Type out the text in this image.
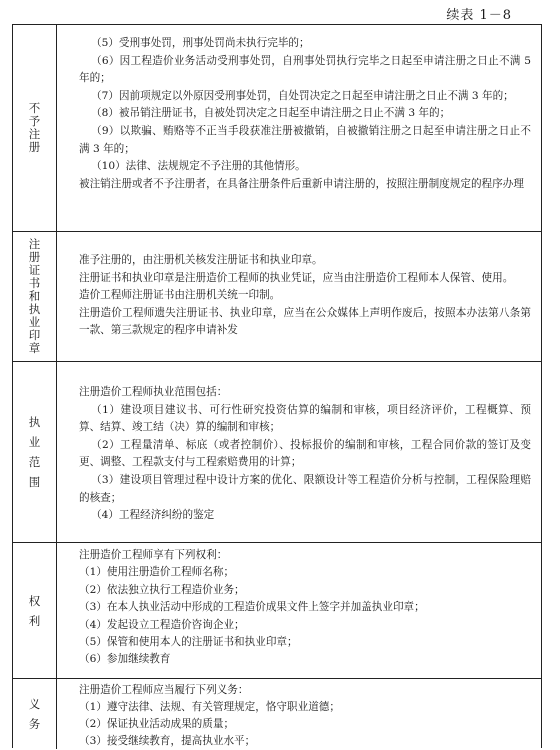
续表 1－8
不予注册

（5）受刑事处罚，刑事处罚尚未执行完毕的；

（6）因工程造价业务活动受刑事处罚，自刑事处罚执行完毕之日起至申请注册之日止不满 5 年的；

（7）因前项规定以外原因受刑事处罚，自处罚决定之日起至申请注册之日止不满 3 年的；

（8）被吊销注册证书，自被处罚决定之日起至申请注册之日止不满 3 年的；

（9）以欺骗、贿赂等不正当手段获准注册被撤销，自被撤销注册之日起至申请注册之日止不满 3 年的；

（10）法律、法规规定不予注册的其他情形。

被注销注册或者不予注册者，在具备注册条件后重新申请注册的，按照注册制度规定的程序办理

注册证书和执业印章

准予注册的，由注册机关核发注册证书和执业印章。

注册证书和执业印章是注册造价工程师的执业凭证，应当由注册造价工程师本人保管、使用。

造价工程师注册证书由注册机关统一印制。

注册造价工程师遗失注册证书、执业印章，应当在公众媒体上声明作废后，按照本办法第八条第一款、第三款规定的程序申请补发

执业范围

注册造价工程师执业范围包括：

（1）建设项目建议书、可行性研究投资估算的编制和审核，项目经济评价，工程概算、预算、结算、竣工结（决）算的编制和审核；

（2）工程量清单、标底（或者控制价）、投标报价的编制和审核，工程合同价款的签订及变更、调整、工程款支付与工程索赔费用的计算；

（3）建设项目管理过程中设计方案的优化、限额设计等工程造价分析与控制，工程保险理赔的核查；

（4）工程经济纠纷的鉴定

权利

注册造价工程师享有下列权利：

（1）使用注册造价工程师名称；

（2）依法独立执行工程造价业务；

（3）在本人执业活动中形成的工程造价成果文件上签字并加盖执业印章；

（4）发起设立工程造价咨询企业；

（5）保管和使用本人的注册证书和执业印章；

（6）参加继续教育

义务

注册造价工程师应当履行下列义务：

（1）遵守法律、法规、有关管理规定，恪守职业道德；

（2）保证执业活动成果的质量；

（3）接受继续教育，提高执业水平；
